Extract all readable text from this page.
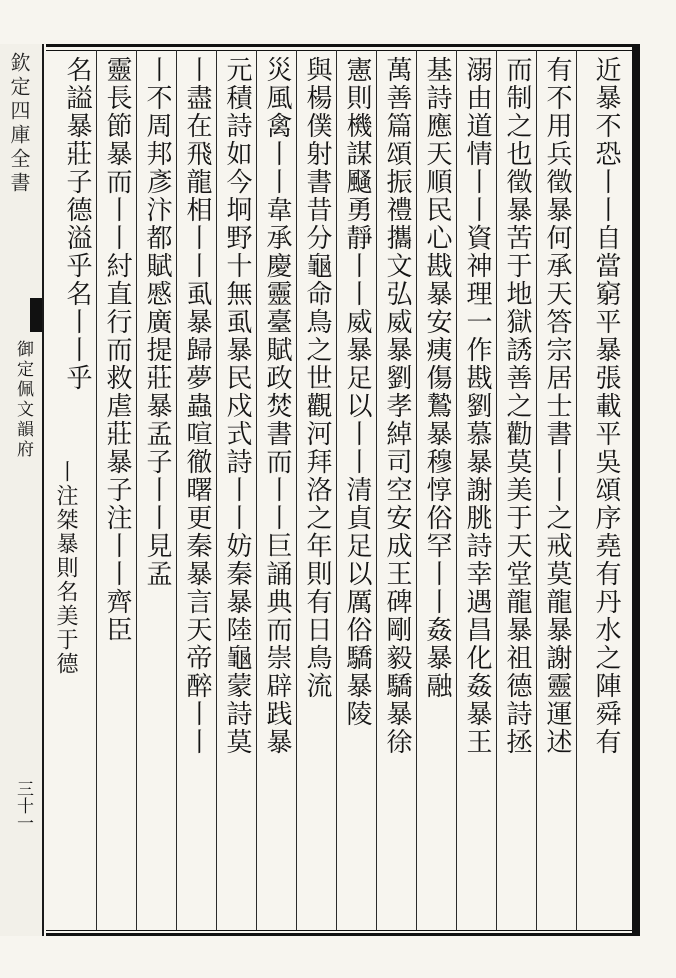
欽定四庫全書
御定佩文韻府
三十一
近暴不恐丨丨自當窮平暴張載平吳頌序堯有丹水之陣舜有
有不用兵徵暴何承天答宗居士書丨丨之戒莫龍暴謝靈運述
而制之也徵暴苦于地獄誘善之勸莫美于天堂龍暴祖德詩拯
溺由道情丨丨資神理一作戡劉慕暴謝朓詩幸遇昌化姦暴王
基詩應天順民心戡暴安痍傷鷙暴穆惇俗罕丨丨姦暴融
萬善篇頌振禮攜文弘威暴劉孝綽司空安成王碑剛毅驕暴徐
憲則機謀颾勇靜丨丨威暴足以丨丨清貞足以厲俗驕暴陵
與楊僕射書昔分龜命鳥之世觀河拜洛之年則有日鳥流
災風禽丨丨韋承慶靈臺賦政焚書而丨丨巨誦典而崇辟践暴
元積詩如今坰野十無虱暴民戍式詩丨丨妨秦暴陸龜蒙詩莫
丨盡在飛龍相丨丨虱暴歸夢蟲喧徹曙更秦暴言天帝醉丨丨
丨不周邦彥汴都賦慼廣提莊暴孟子丨丨見孟
靈長節暴而丨丨紂直行而救虐莊暴子注丨丨齊臣
名謚暴莊子德溢乎名丨丨乎
丨注桀暴則名美于德
